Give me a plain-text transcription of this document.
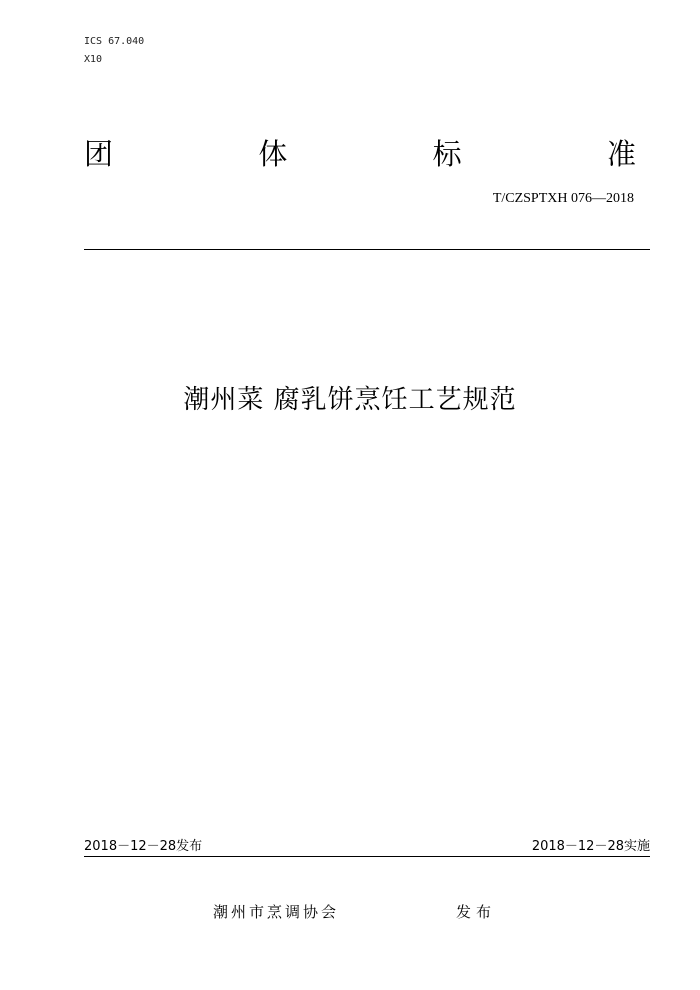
ICS 67.040
X10
团	体	标	准
T/CZSPTXH 076—2018
潮州菜 腐乳饼烹饪工艺规范
2018－12－28发布	2018－12－28实施
潮州市烹调协会	发布
